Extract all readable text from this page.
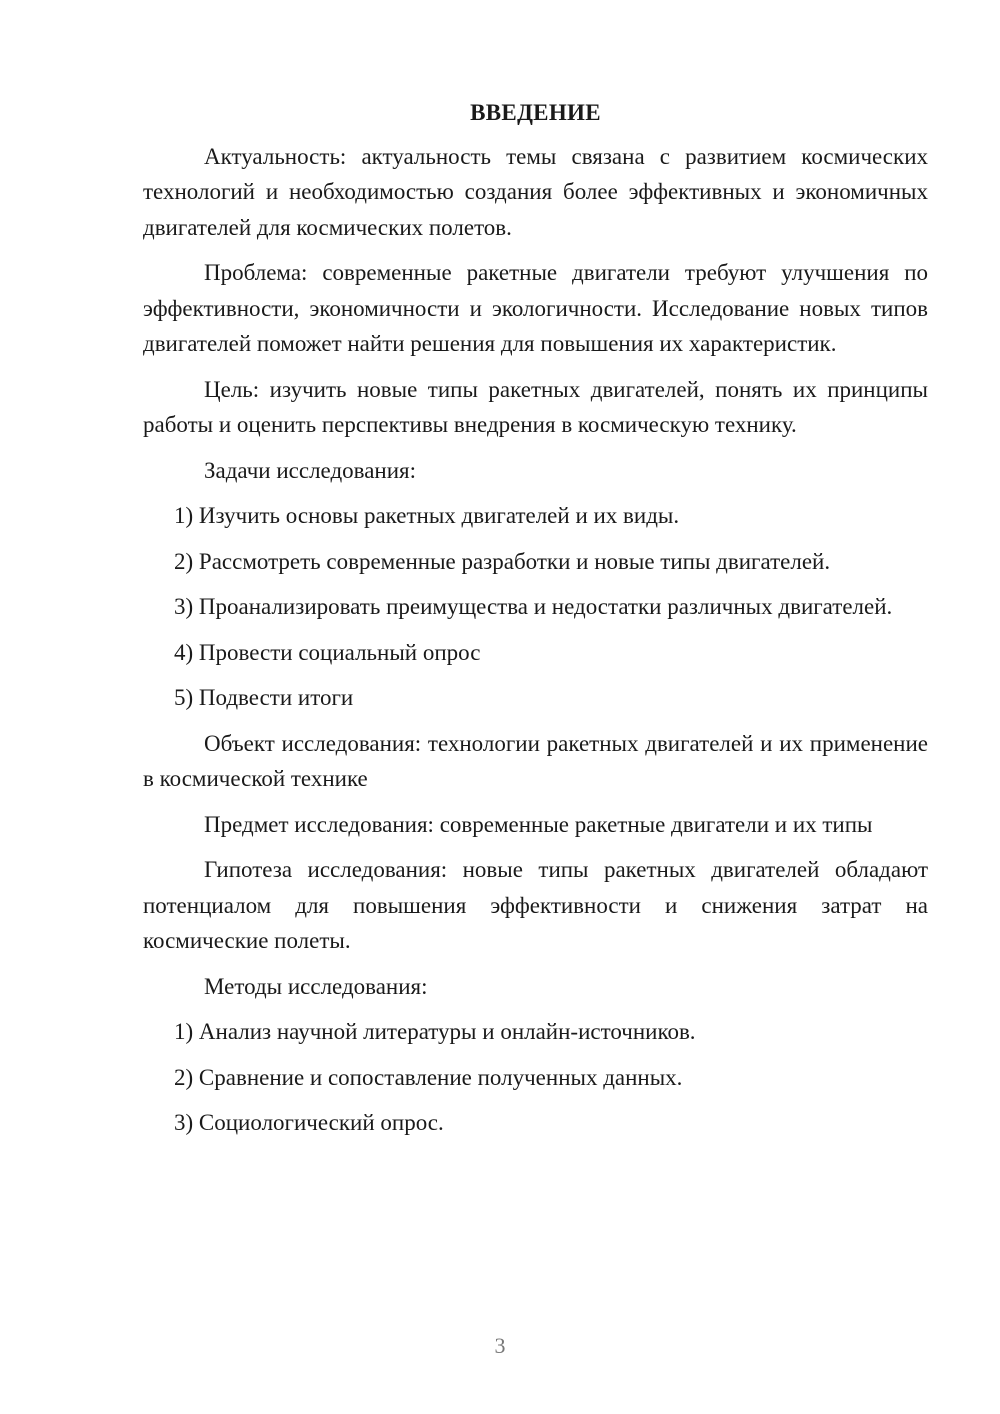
ВВЕДЕНИЕ
Актуальность: актуальность темы связана с развитием космических технологий и необходимостью создания более эффективных и экономичных двигателей для космических полетов.
Проблема: современные ракетные двигатели требуют улучшения по эффективности, экономичности и экологичности. Исследование новых типов двигателей поможет найти решения для повышения их характеристик.
Цель: изучить новые типы ракетных двигателей, понять их принципы работы и оценить перспективы внедрения в космическую технику.
Задачи исследования:
1) Изучить основы ракетных двигателей и их виды.
2) Рассмотреть современные разработки и новые типы двигателей.
3) Проанализировать преимущества и недостатки различных двигателей.
4) Провести социальный опрос
5) Подвести итоги
Объект исследования: технологии ракетных двигателей и их применение в космической технике
Предмет исследования: современные ракетные двигатели и их типы
Гипотеза исследования: новые типы ракетных двигателей обладают потенциалом для повышения эффективности и снижения затрат на космические полеты.
Методы исследования:
1) Анализ научной литературы и онлайн-источников.
2) Сравнение и сопоставление полученных данных.
3) Социологический опрос.
3
